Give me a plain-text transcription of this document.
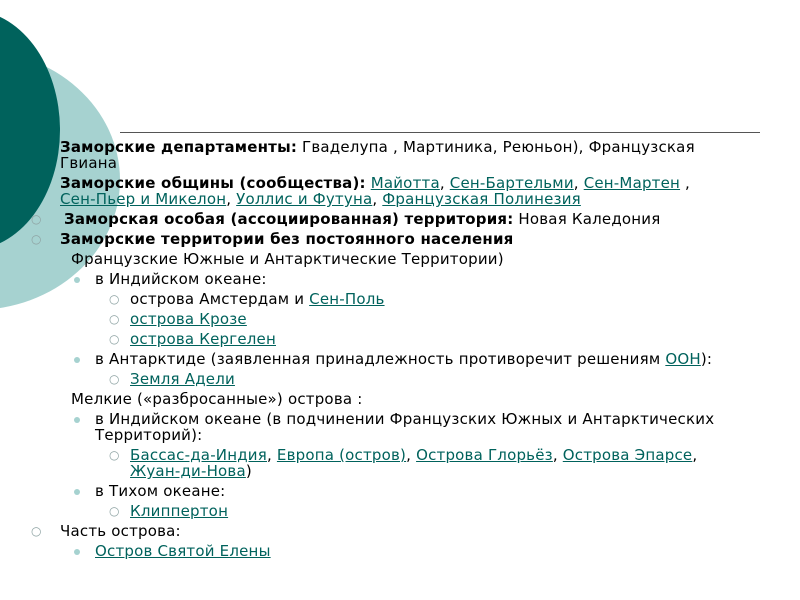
Заморские департаменты: Гваделупа , Мартиника, Реюньон), Французская
Гвиана
Заморские общины (сообщества): Майотта, Сен-Бартельми, Сен-Мартен ,
Сен-Пьер и Микелон, Уоллис и Футуна, Французская Полинезия
○ Заморская особая (ассоциированная) территория: Новая Каледония
○ Заморские территории без постоянного населения
Французские Южные и Антарктические Территории)
в Индийском океане:
○ острова Амстердам и Сен-Поль
○ острова Крозе
○ острова Кергелен
в Антарктиде (заявленная принадлежность противоречит решениям ООН):
○ Земля Адели
Мелкие («разбросанные») острова :
в Индийском океане (в подчинении Французских Южных и Антарктических
Территорий):
○ Бассас-да-Индия, Европа (остров), Острова Глорьёз, Острова Эпарсе,
Жуан-ди-Нова)
в Тихом океане:
○ Клиппертон
○ Часть острова:
Остров Святой Елены
